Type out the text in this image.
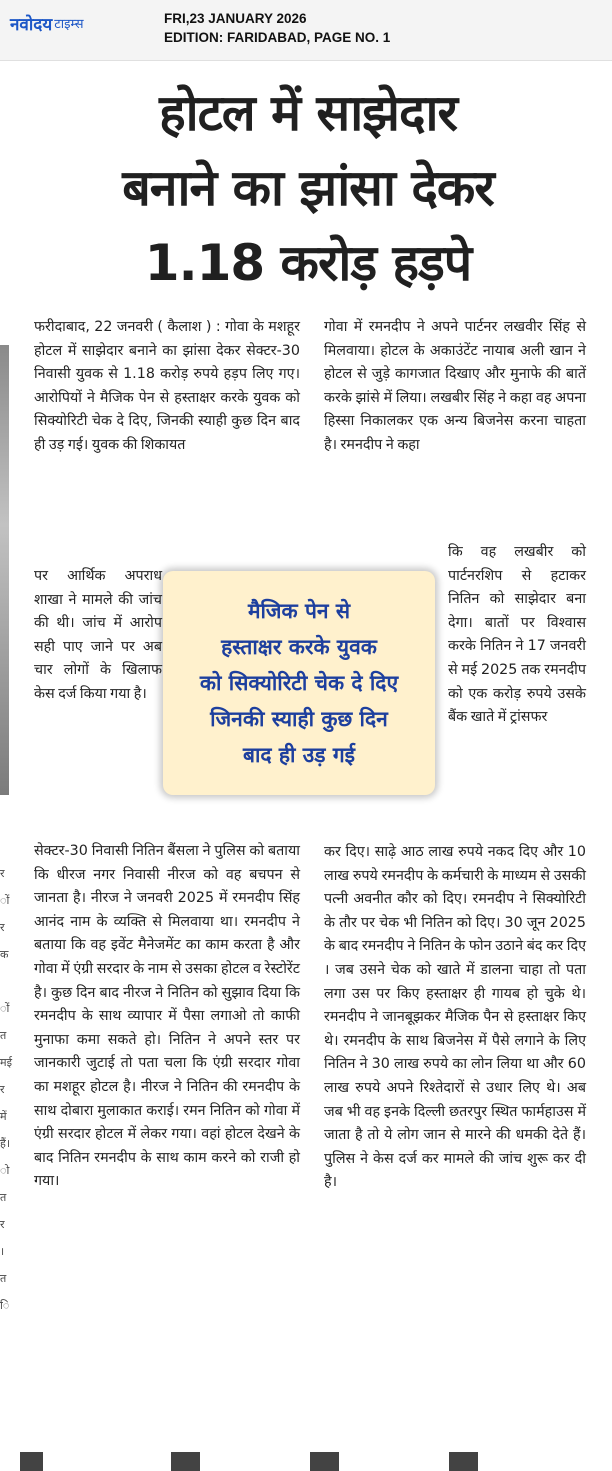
नवोदय टाइम्स	FRI,23 JANUARY 2026
EDITION: FARIDABAD, PAGE NO. 1
होटल में साझेदार
बनाने का झांसा देकर
1.18 करोड़ हड़पे
र
ों
र
क

ों
त
मई
र
में
हैं।
ो
त
र
।
त
ि

फरीदाबाद, 22 जनवरी ( कैलाश ) : गोवा के मशहूर होटल में साझेदार बनाने का झांसा देकर सेक्टर-30 निवासी युवक से 1.18 करोड़ रुपये हड़प लिए गए। आरोपियों ने मैजिक पेन से हस्ताक्षर करके युवक को सिक्योरिटी चेक दे दिए, जिनकी स्याही कुछ दिन बाद ही उड़ गई। युवक की शिकायत

पर आर्थिक अपराध शाखा ने मामले की जांच की थी। जांच में आरोप सही पाए जाने पर अब चार लोगों के खिलाफ केस दर्ज किया गया है।

सेक्टर-30 निवासी नितिन बैंसला ने पुलिस को बताया कि धीरज नगर निवासी नीरज को वह बचपन से जानता है। नीरज ने जनवरी 2025 में रमनदीप सिंह आनंद नाम के व्यक्ति से मिलवाया था। रमनदीप ने बताया कि वह इवेंट मैनेजमेंट का काम करता है और गोवा में एंग्री सरदार के नाम से उसका होटल व रेस्टोरेंट है। कुछ दिन बाद नीरज ने नितिन को सुझाव दिया कि रमनदीप के साथ व्यापार में पैसा लगाओ तो काफी मुनाफा कमा सकते हो। नितिन ने अपने स्तर पर जानकारी जुटाई तो पता चला कि एंग्री सरदार गोवा का मशहूर होटल है। नीरज ने नितिन की रमनदीप के साथ दोबारा मुलाकात कराई। रमन नितिन को गोवा में एंग्री सरदार होटल में लेकर गया। वहां होटल देखने के बाद नितिन रमनदीप के साथ काम करने को राजी हो गया।

गोवा में रमनदीप ने अपने पार्टनर लखवीर सिंह से मिलवाया। होटल के अकाउंटेंट नायाब अली खान ने होटल से जुड़े कागजात दिखाए और मुनाफे की बातें करके झांसे में लिया। लखबीर सिंह ने कहा वह अपना हिस्सा निकालकर एक अन्य बिजनेस करना चाहता है। रमनदीप ने कहा

कि वह लखबीर को पार्टनरशिप से हटाकर नितिन को साझेदार बना देगा। बातों पर विश्वास करके नितिन ने 17 जनवरी से मई 2025 तक रमनदीप को एक करोड़ रुपये उसके बैंक खाते में ट्रांसफर

कर दिए। साढ़े आठ लाख रुपये नकद दिए और 10 लाख रुपये रमनदीप के कर्मचारी के माध्यम से उसकी पत्नी अवनीत कौर को दिए। रमनदीप ने सिक्योरिटी के तौर पर चेक भी नितिन को दिए। 30 जून 2025 के बाद रमनदीप ने नितिन के फोन उठाने बंद कर दिए । जब उसने चेक को खाते में डालना चाहा तो पता लगा उस पर किए हस्ताक्षर ही गायब हो चुके थे। रमनदीप ने जानबूझकर मैजिक पैन से हस्ताक्षर किए थे। रमनदीप के साथ बिजनेस में पैसे लगाने के लिए नितिन ने 30 लाख रुपये का लोन लिया था और 60 लाख रुपये अपने रिश्तेदारों से उधार लिए थे। अब जब भी वह इनके दिल्ली छतरपुर स्थित फार्महाउस में जाता है तो ये लोग जान से मारने की धमकी देते हैं। पुलिस ने केस दर्ज कर मामले की जांच शुरू कर दी है।

मैजिक पेन से
हस्ताक्षर करके युवक
को सिक्योरिटी चेक दे दिए
जिनकी स्याही कुछ दिन
बाद ही उड़ गई
